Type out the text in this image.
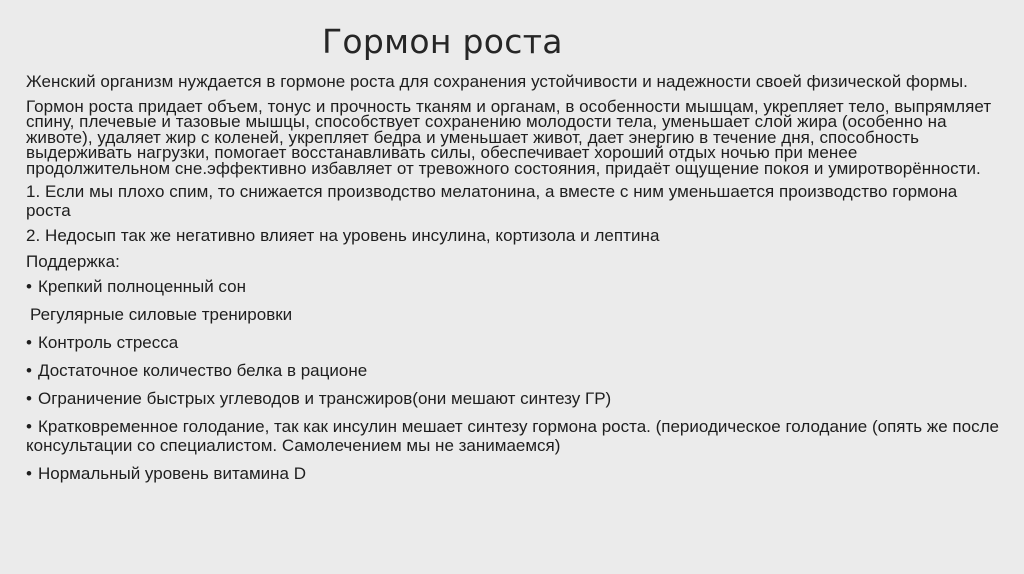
Гормон роста

Женский организм нуждается в гормоне роста для сохранения устойчивости и надежности своей физической формы.

Гормон роста придает объем, тонус и прочность тканям и органам, в особенности мышцам, укрепляет тело, выпрямляет спину, плечевые и тазовые мышцы, способствует сохранению молодости тела, уменьшает слой жира (особенно на животе), удаляет жир с коленей, укрепляет бедра и уменьшает живот, дает энергию в течение дня, способность выдерживать нагрузки, помогает восстанавливать силы, обеспечивает хороший отдых ночью при менее продолжительном сне.эффективно избавляет от тревожного состояния, придаёт ощущение покоя и умиротворённости.

1. Если мы плохо спим, то снижается производство мелатонина, а вместе с ним уменьшается производство гормона роста

2. Недосып так же негативно влияет на уровень инсулина, кортизола и лептина

Поддержка:

• Крепкий полноценный сон
Регулярные силовые тренировки
• Контроль стресса
• Достаточное количество белка в рационе
• Ограничение быстрых углеводов и трансжиров(они мешают синтезу ГР)
• Кратковременное голодание, так как инсулин мешает синтезу гормона роста. (периодическое голодание (опять же после консультации со специалистом. Самолечением мы не занимаемся)
• Нормальный уровень витамина D
